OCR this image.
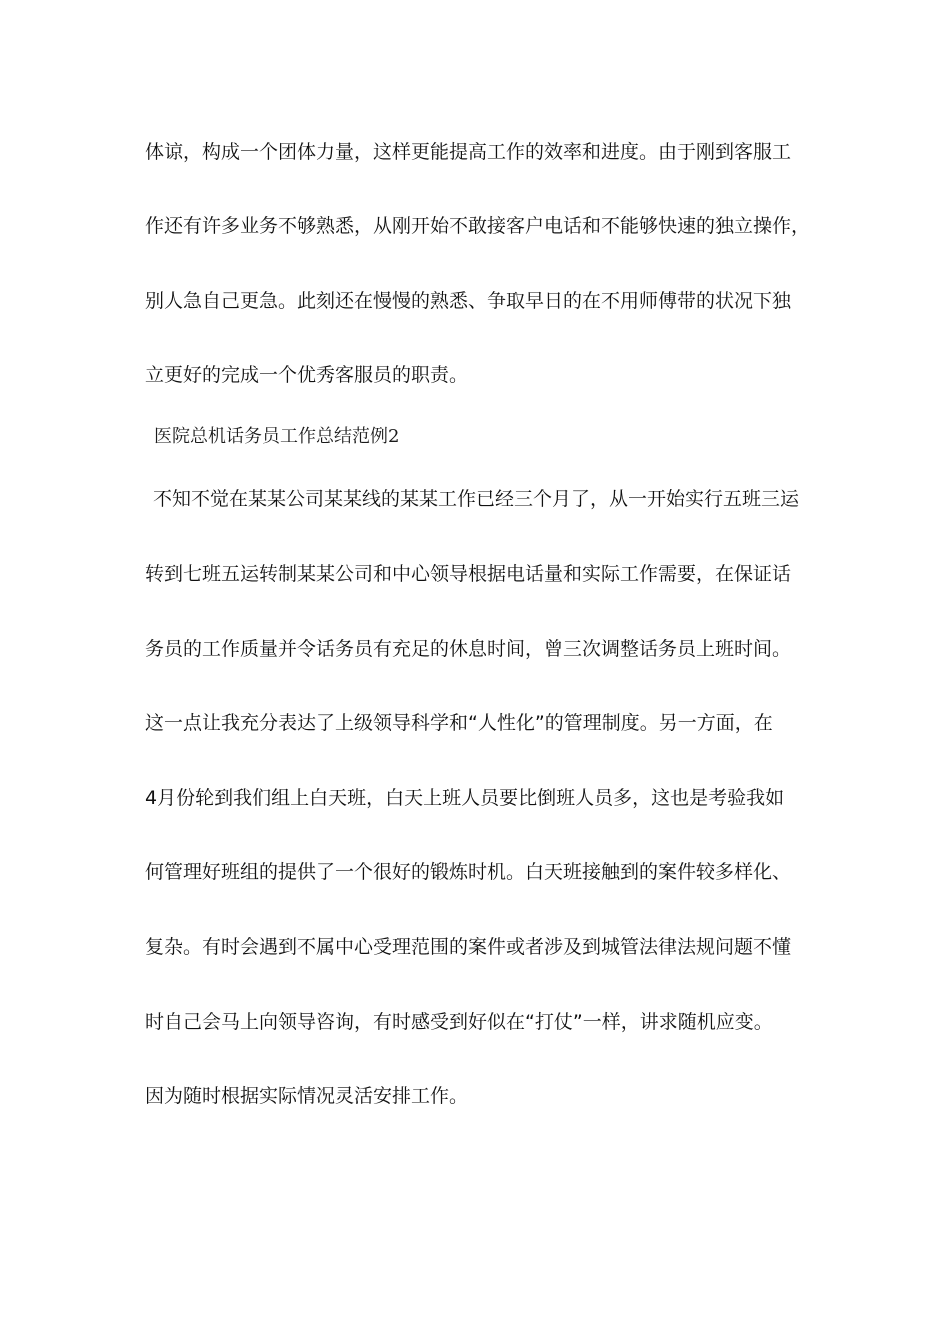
体谅，构成一个团体力量，这样更能提高工作的效率和进度。由于刚到客服工
作还有许多业务不够熟悉，从刚开始不敢接客户电话和不能够快速的独立操作，
别人急自己更急。此刻还在慢慢的熟悉、争取早日的在不用师傅带的状况下独
立更好的完成一个优秀客服员的职责。
医院总机话务员工作总结范例2
不知不觉在某某公司某某线的某某工作已经三个月了，从一开始实行五班三运
转到七班五运转制某某公司和中心领导根据电话量和实际工作需要，在保证话
务员的工作质量并令话务员有充足的休息时间，曾三次调整话务员上班时间。
这一点让我充分表达了上级领导科学和“人性化”的管理制度。另一方面，在
4月份轮到我们组上白天班，白天上班人员要比倒班人员多，这也是考验我如
何管理好班组的提供了一个很好的锻炼时机。白天班接触到的案件较多样化、
复杂。有时会遇到不属中心受理范围的案件或者涉及到城管法律法规问题不懂
时自己会马上向领导咨询，有时感受到好似在“打仗”一样，讲求随机应变。
因为随时根据实际情况灵活安排工作。
